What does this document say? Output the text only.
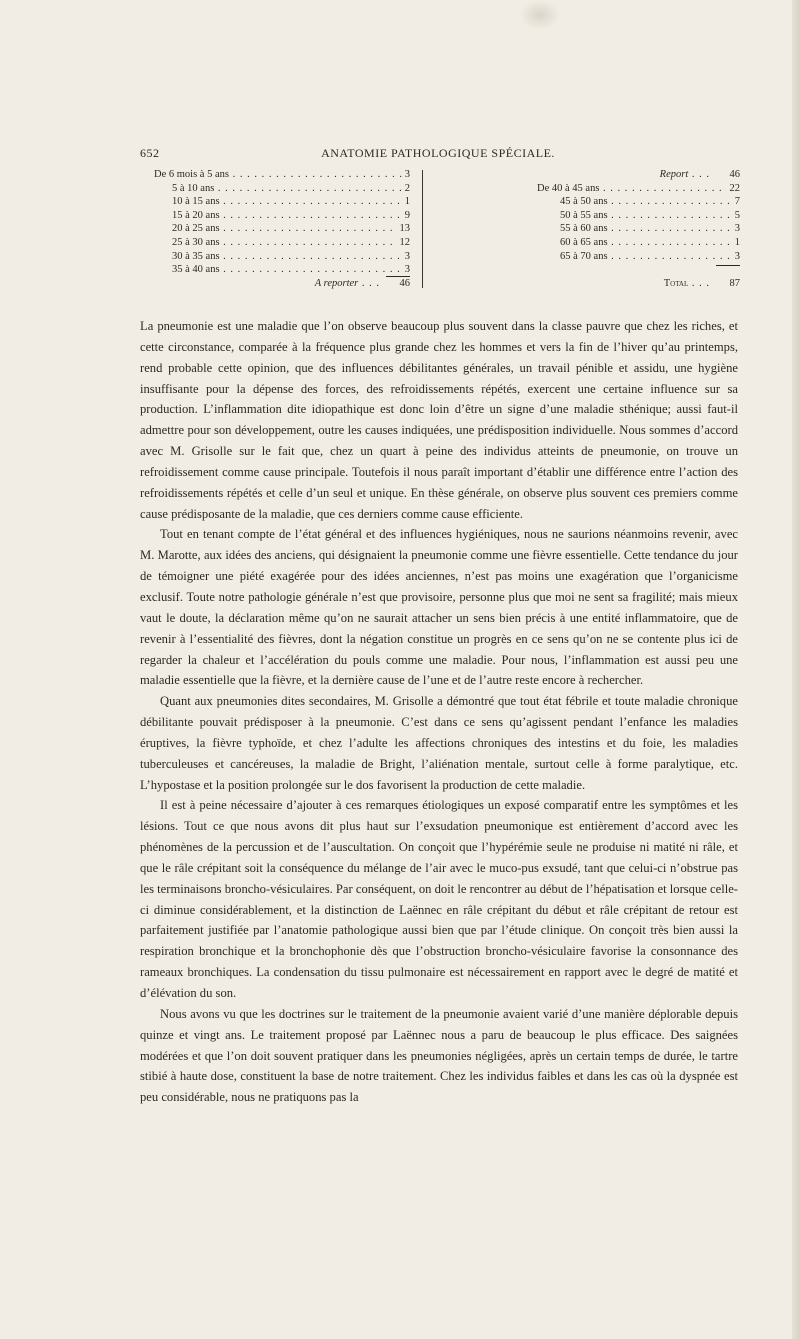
652	ANATOMIE PATHOLOGIQUE SPÉCIALE.
De 6 mois à 5 ans . . .	3
5 à 10 ans . . .	2
10 à 15 ans . . .	1
15 à 20 ans . . .	9
20 à 25 ans . . .	13
25 à 30 ans . . .	12
30 à 35 ans . . .	3
35 à 40 ans . . .	3
A reporter . . .	46
Report . . .	46
De 40 à 45 ans . . .	22
45 à 50 ans . . .	7
50 à 55 ans . . .	5
55 à 60 ans . . .	3
60 à 65 ans . . .	1
65 à 70 ans . . .	3
Total . . .	87

La pneumonie est une maladie que l’on observe beaucoup plus souvent dans la classe pauvre que chez les riches, et cette circonstance, comparée à la fréquence plus grande chez les hommes et vers la fin de l’hiver qu’au printemps, rend probable cette opinion, que des influences débilitantes générales, un travail pénible et assidu, une hygiène insuffisante pour la dépense des forces, des refroidissements répétés, exercent une certaine influence sur sa production. L’inflammation dite idiopathique est donc loin d’être un signe d’une maladie sthénique; aussi faut-il admettre pour son développement, outre les causes indiquées, une prédisposition individuelle. Nous sommes d’accord avec M. Grisolle sur le fait que, chez un quart à peine des individus atteints de pneumonie, on trouve un refroidissement comme cause principale. Toutefois il nous paraît important d’établir une différence entre l’action des refroidissements répétés et celle d’un seul et unique. En thèse générale, on observe plus souvent ces premiers comme cause prédisposante de la maladie, que ces derniers comme cause efficiente.

Tout en tenant compte de l’état général et des influences hygiéniques, nous ne saurions néanmoins revenir, avec M. Marotte, aux idées des anciens, qui désignaient la pneumonie comme une fièvre essentielle. Cette tendance du jour de témoigner une piété exagérée pour des idées anciennes, n’est pas moins une exagération que l’organicisme exclusif. Toute notre pathologie générale n’est que provisoire, personne plus que moi ne sent sa fragilité; mais mieux vaut le doute, la déclaration même qu’on ne saurait attacher un sens bien précis à une entité inflammatoire, que de revenir à l’essentialité des fièvres, dont la négation constitue un progrès en ce sens qu’on ne se contente plus ici de regarder la chaleur et l’accélération du pouls comme une maladie. Pour nous, l’inflammation est aussi peu une maladie essentielle que la fièvre, et la dernière cause de l’une et de l’autre reste encore à rechercher.

Quant aux pneumonies dites secondaires, M. Grisolle a démontré que tout état fébrile et toute maladie chronique débilitante pouvait prédisposer à la pneumonie. C’est dans ce sens qu’agissent pendant l’enfance les maladies éruptives, la fièvre typhoïde, et chez l’adulte les affections chroniques des intestins et du foie, les maladies tuberculeuses et cancéreuses, la maladie de Bright, l’aliénation mentale, surtout celle à forme paralytique, etc. L’hypostase et la position prolongée sur le dos favorisent la production de cette maladie.

Il est à peine nécessaire d’ajouter à ces remarques étiologiques un exposé comparatif entre les symptômes et les lésions. Tout ce que nous avons dit plus haut sur l’exsudation pneumonique est entièrement d’accord avec les phénomènes de la percussion et de l’auscultation. On conçoit que l’hypérémie seule ne produise ni matité ni râle, et que le râle crépitant soit la conséquence du mélange de l’air avec le muco-pus exsudé, tant que celui-ci n’obstrue pas les terminaisons broncho-vésiculaires. Par conséquent, on doit le rencontrer au début de l’hépatisation et lorsque celle-ci diminue considérablement, et la distinction de Laënnec en râle crépitant du début et râle crépitant de retour est parfaitement justifiée par l’anatomie pathologique aussi bien que par l’étude clinique. On conçoit très bien aussi la respiration bronchique et la bronchophonie dès que l’obstruction broncho-vésiculaire favorise la consonnance des rameaux bronchiques. La condensation du tissu pulmonaire est nécessairement en rapport avec le degré de matité et d’élévation du son.

Nous avons vu que les doctrines sur le traitement de la pneumonie avaient varié d’une manière déplorable depuis quinze et vingt ans. Le traitement proposé par Laënnec nous a paru de beaucoup le plus efficace. Des saignées modérées et que l’on doit souvent pratiquer dans les pneumonies négligées, après un certain temps de durée, le tartre stibié à haute dose, constituent la base de notre traitement. Chez les individus faibles et dans les cas où la dyspnée est peu considérable, nous ne pratiquons pas la
